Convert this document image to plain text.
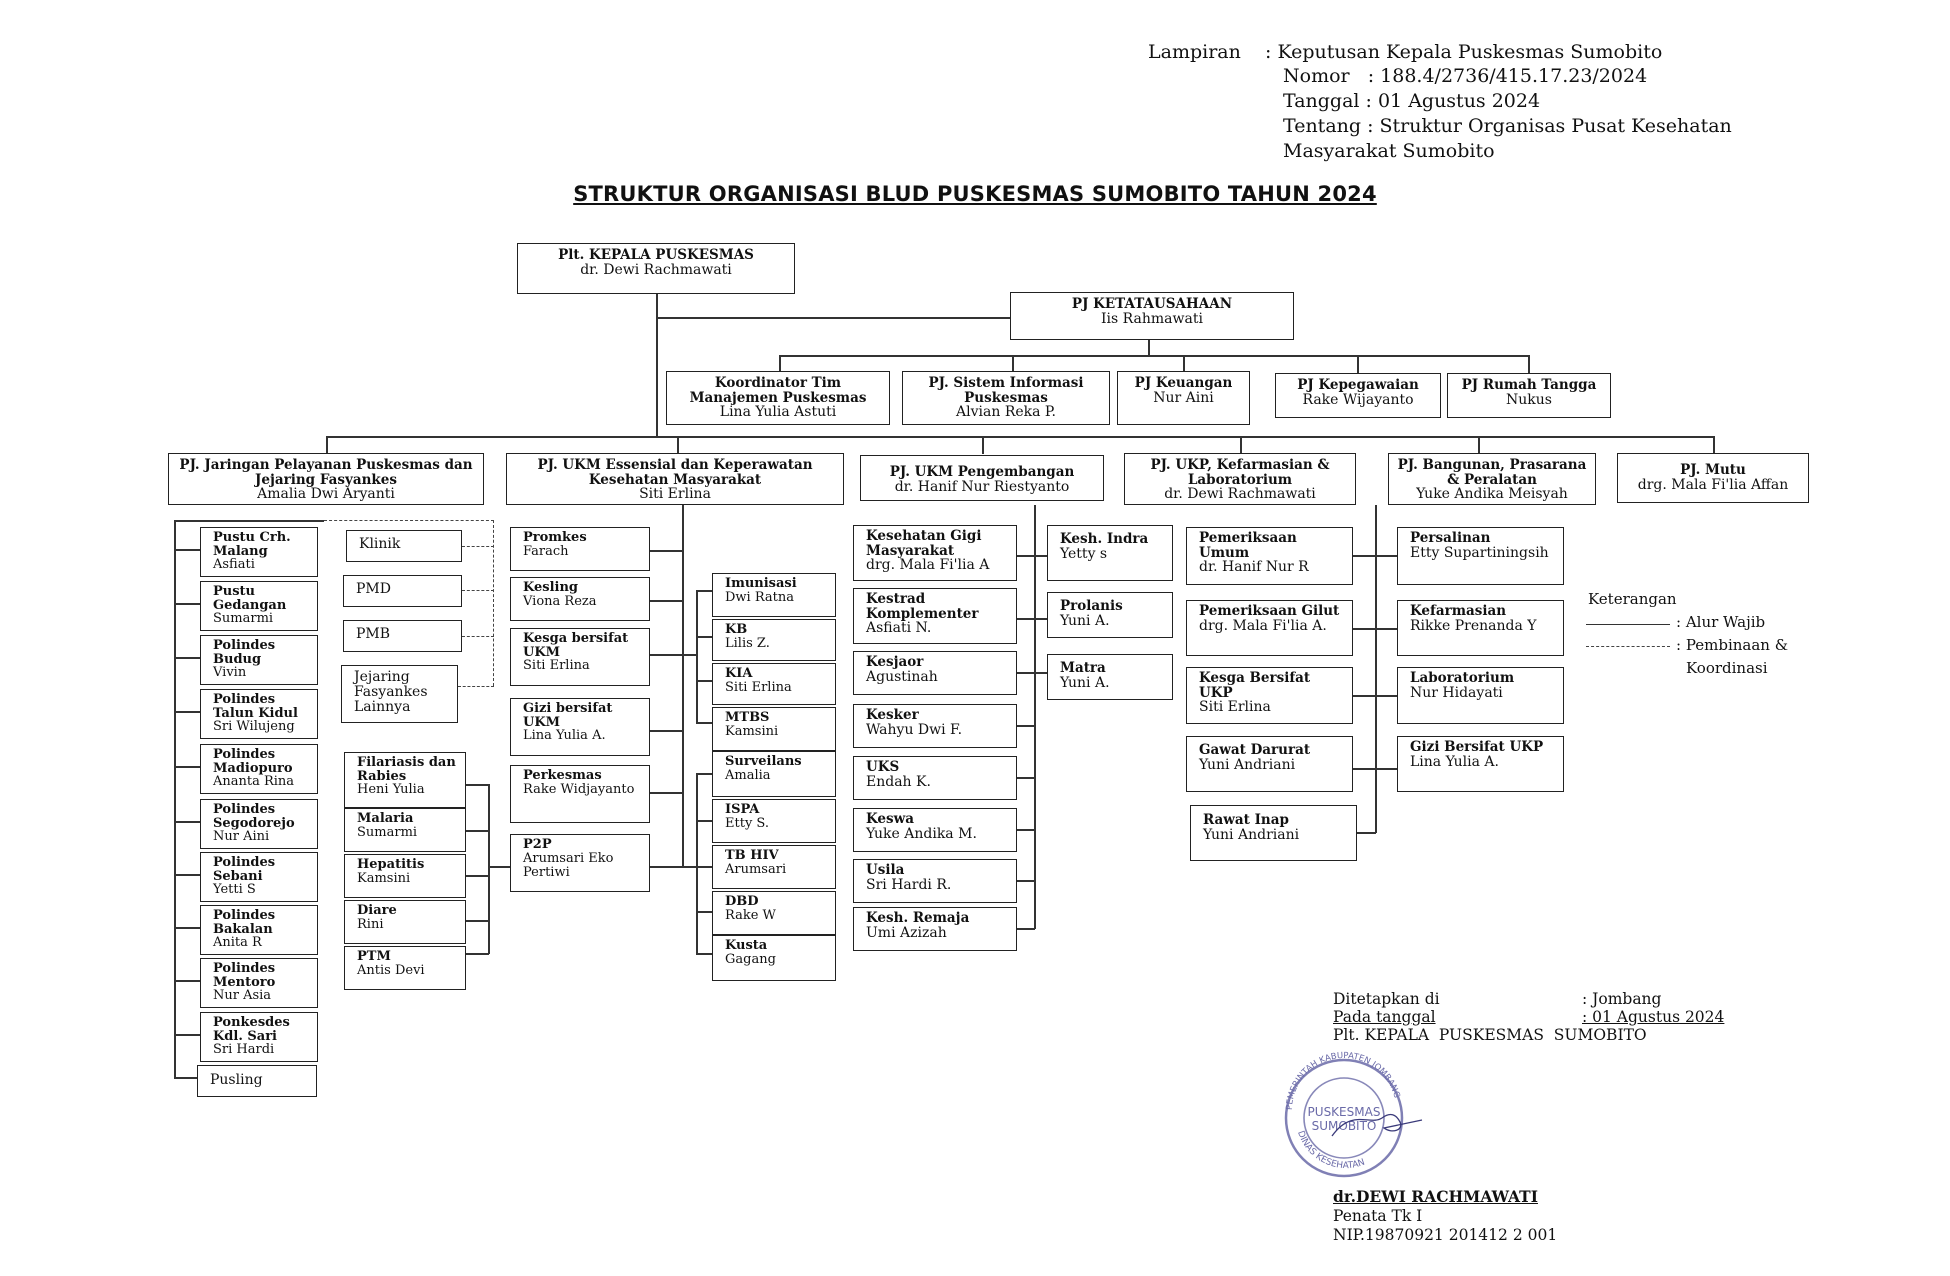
Lampiran : Keputusan Kepala Puskesmas Sumobito
Nomor   : 188.4/2736/415.17.23/2024
Tanggal : 01 Agustus 2024
Tentang : Struktur Organisas Pusat Kesehatan
Masyarakat Sumobito
STRUKTUR ORGANISASI BLUD PUSKESMAS SUMOBITO TAHUN 2024
Plt. KEPALA PUSKESMAS
dr. Dewi Rachmawati
PJ KETATAUSAHAAN
Iis Rahmawati
Koordinator Tim Manajemen Puskesmas
Lina Yulia Astuti
PJ. Sistem Informasi Puskesmas
Alvian Reka P.
PJ Keuangan
Nur Aini
PJ Kepegawaian
Rake Wijayanto
PJ Rumah Tangga
Nukus
PJ. Jaringan Pelayanan Puskesmas dan Jejaring Fasyankes
Amalia Dwi Aryanti
PJ. UKM Essensial dan Keperawatan Kesehatan Masyarakat
Siti Erlina
PJ. UKM Pengembangan
dr. Hanif Nur Riestyanto
PJ. UKP, Kefarmasian & Laboratorium
dr. Dewi Rachmawati
PJ. Bangunan, Prasarana & Peralatan
Yuke Andika Meisyah
PJ. Mutu
drg. Mala Fi'lia Affan
Pustu Crh. Malang
Asfiati
Pustu Gedangan
Sumarmi
Polindes Budug
Vivin
Polindes Talun Kidul
Sri Wilujeng
Polindes Madiopuro
Ananta Rina
Polindes Segodorejo
Nur Aini
Polindes Sebani
Yetti S
Polindes Bakalan
Anita R
Polindes Mentoro
Nur Asia
Ponkesdes Kdl. Sari
Sri Hardi
Pusling
Klinik
PMD
PMB
Jejaring Fasyankes Lainnya
Filariasis dan Rabies
Heni Yulia
Malaria
Sumarmi
Hepatitis
Kamsini
Diare
Rini
PTM
Antis Devi
Promkes
Farach
Kesling
Viona Reza
Kesga bersifat UKM
Siti Erlina
Gizi bersifat UKM
Lina Yulia A.
Perkesmas
Rake Widjayanto
P2P
Arumsari Eko Pertiwi
Imunisasi
Dwi Ratna
KB
Lilis Z.
KIA
Siti Erlina
MTBS
Kamsini
Surveilans
Amalia
ISPA
Etty S.
TB HIV
Arumsari
DBD
Rake W
Kusta
Gagang
Kesehatan Gigi Masyarakat
drg. Mala Fi'lia A
Kestrad Komplementer
Asfiati N.
Kesjaor
Agustinah
Kesker
Wahyu Dwi F.
UKS
Endah K.
Keswa
Yuke Andika M.
Usila
Sri Hardi R.
Kesh. Remaja
Umi Azizah
Kesh. Indra
Yetty s
Prolanis
Yuni A.
Matra
Yuni A.
Pemeriksaan Umum
dr. Hanif Nur R
Pemeriksaan Gilut
drg. Mala Fi'lia A.
Kesga Bersifat UKP
Siti Erlina
Gawat Darurat
Yuni Andriani
Rawat Inap
Yuni Andriani
Persalinan
Etty Supartiningsih
Kefarmasian
Rikke Prenanda Y
Laboratorium
Nur Hidayati
Gizi Bersifat UKP
Lina Yulia A.
Keterangan
: Alur Wajib
: Pembinaan &
Koordinasi
Ditetapkan di	: Jombang
Pada tanggal	: 01 Agustus 2024
Plt. KEPALA  PUSKESMAS  SUMOBITO
PEMERINTAH KABUPATEN JOMBANG
DINAS KESEHATAN
PUSKESMAS
SUMOBITO
dr.DEWI RACHMAWATI
Penata Tk I
NIP.19870921 201412 2 001
